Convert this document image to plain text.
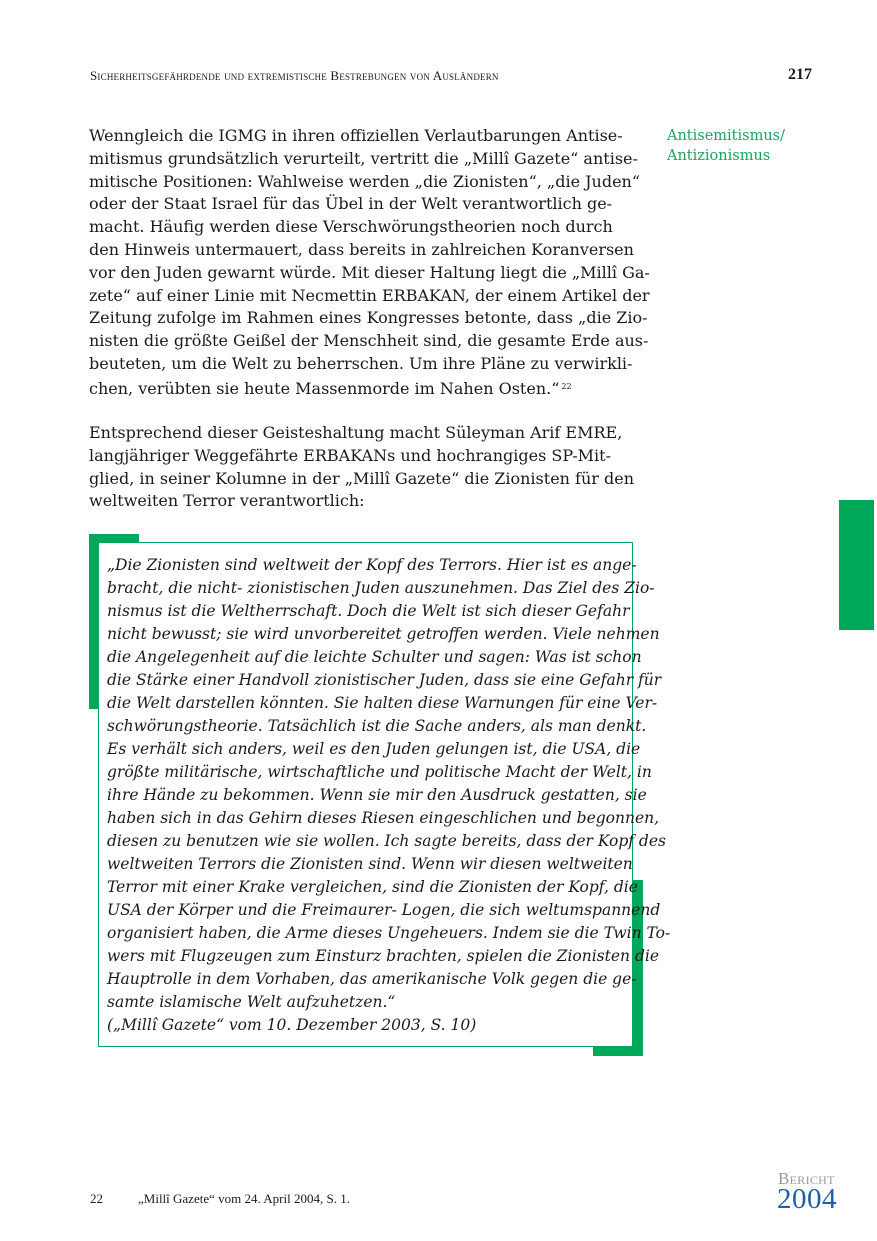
Sicherheitsgefährdende und extremistische Bestrebungen von Ausländern	217
Antisemitismus/
Antizionismus
Wenngleich die IGMG in ihren offiziellen Verlautbarungen Antise-
mitismus grundsätzlich verurteilt, vertritt die „Millî Gazete“ antise-
mitische Positionen: Wahlweise werden „die Zionisten“, „die Juden“
oder der Staat Israel für das Übel in der Welt verantwortlich ge-
macht. Häufig werden diese Verschwörungstheorien noch durch
den Hinweis untermauert, dass bereits in zahlreichen Koranversen
vor den Juden gewarnt würde. Mit dieser Haltung liegt die „Millî Ga-
zete“ auf einer Linie mit Necmettin ERBAKAN, der einem Artikel der
Zeitung zufolge im Rahmen eines Kongresses betonte, dass „die Zio-
nisten die größte Geißel der Menschheit sind, die gesamte Erde aus-
beuteten, um die Welt zu beherrschen. Um ihre Pläne zu verwirkli-
chen, verübten sie heute Massenmorde im Nahen Osten.“ $^{22}$
Entsprechend dieser Geisteshaltung macht Süleyman Arif EMRE,
langjähriger Weggefährte ERBAKANs und hochrangiges SP-Mit-
glied, in seiner Kolumne in der „Millî Gazete“ die Zionisten für den
weltweiten Terror verantwortlich:
„Die Zionisten sind weltweit der Kopf des Terrors. Hier ist es ange-
bracht, die nicht- zionistischen Juden auszunehmen. Das Ziel des Zio-
nismus ist die Weltherrschaft. Doch die Welt ist sich dieser Gefahr
nicht bewusst; sie wird unvorbereitet getroffen werden. Viele nehmen
die Angelegenheit auf die leichte Schulter und sagen: Was ist schon
die Stärke einer Handvoll zionistischer Juden, dass sie eine Gefahr für
die Welt darstellen könnten. Sie halten diese Warnungen für eine Ver-
schwörungstheorie. Tatsächlich ist die Sache anders, als man denkt.
Es verhält sich anders, weil es den Juden gelungen ist, die USA, die
größte militärische, wirtschaftliche und politische Macht der Welt, in
ihre Hände zu bekommen. Wenn sie mir den Ausdruck gestatten, sie
haben sich in das Gehirn dieses Riesen eingeschlichen und begonnen,
diesen zu benutzen wie sie wollen. Ich sagte bereits, dass der Kopf des
weltweiten Terrors die Zionisten sind. Wenn wir diesen weltweiten
Terror mit einer Krake vergleichen, sind die Zionisten der Kopf, die
USA der Körper und die Freimaurer- Logen, die sich weltumspannend
organisiert haben, die Arme dieses Ungeheuers. Indem sie die Twin To-
wers mit Flugzeugen zum Einsturz brachten, spielen die Zionisten die
Hauptrolle in dem Vorhaben, das amerikanische Volk gegen die ge-
samte islamische Welt aufzuhetzen.“
(„Millî Gazete“ vom 10. Dezember 2003, S. 10)
22	„Millî Gazete“ vom 24. April 2004, S. 1.
Bericht
2004
